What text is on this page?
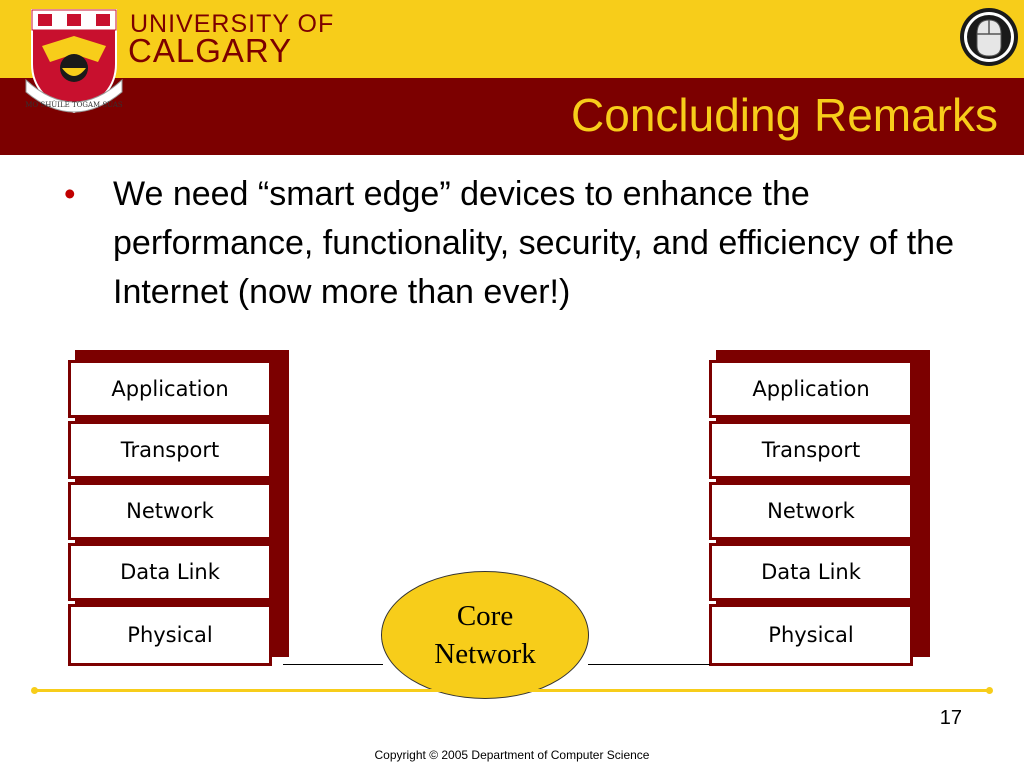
MO SHÙILE TOGAM SUAS
UNIVERSITY OF
CALGARY
Concluding Remarks
• We need “smart edge” devices to enhance the performance, functionality, security, and efficiency of the Internet (now more than ever!)
Application
Transport
Network
Data Link
Physical
Application
Transport
Network
Data Link
Physical
Core
Network
17
Copyright © 2005 Department of Computer Science
